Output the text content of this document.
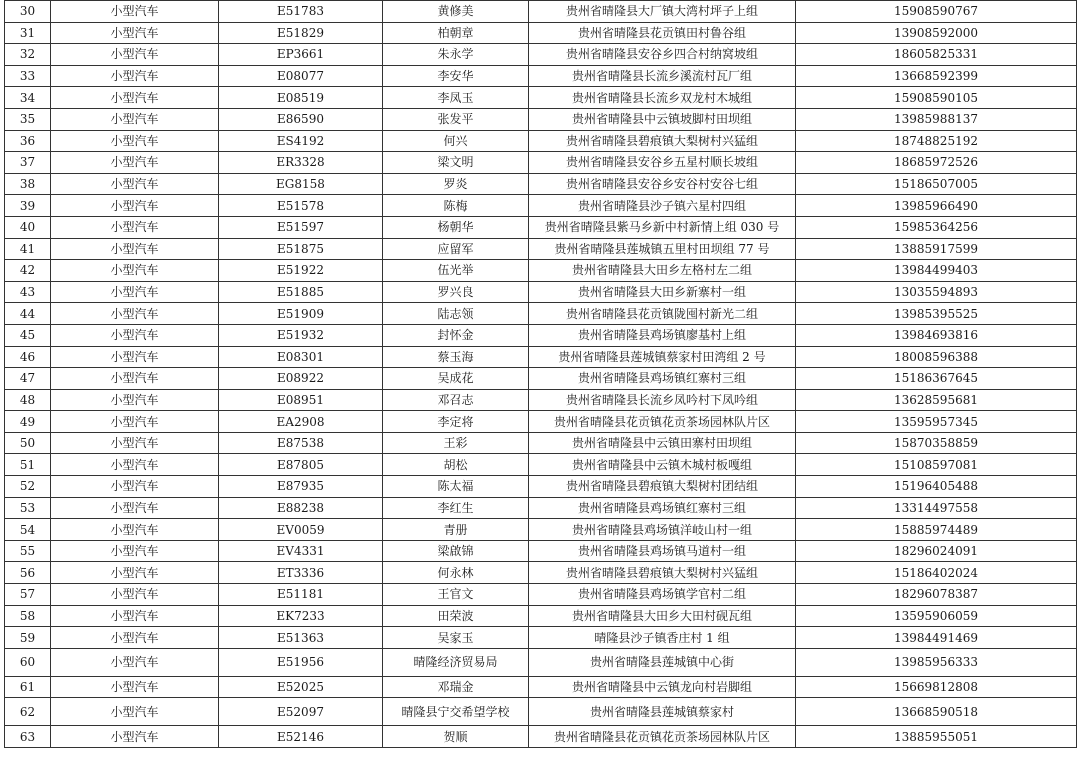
30	小型汽车	E51783	黄修美	贵州省晴隆县大厂镇大湾村坪子上组	15908590767
31	小型汽车	E51829	柏朝章	贵州省晴隆县花贡镇田村鲁谷组	13908592000
32	小型汽车	EP3661	朱永学	贵州省晴隆县安谷乡四合村纳窝坡组	18605825331
33	小型汽车	E08077	李安华	贵州省晴隆县长流乡溪流村瓦厂组	13668592399
34	小型汽车	E08519	李凤玉	贵州省晴隆县长流乡双龙村木城组	15908590105
35	小型汽车	E86590	张发平	贵州省晴隆县中云镇坡脚村田坝组	13985988137
36	小型汽车	ES4192	何兴	贵州省晴隆县碧痕镇大梨树村兴猛组	18748825192
37	小型汽车	ER3328	梁文明	贵州省晴隆县安谷乡五星村顺长坡组	18685972526
38	小型汽车	EG8158	罗炎	贵州省晴隆县安谷乡安谷村安谷七组	15186507005
39	小型汽车	E51578	陈梅	贵州省晴隆县沙子镇六星村四组	13985966490
40	小型汽车	E51597	杨朝华	贵州省晴隆县紫马乡新中村新情上组 030 号	15985364256
41	小型汽车	E51875	应留军	贵州省晴隆县莲城镇五里村田坝组 77 号	13885917599
42	小型汽车	E51922	伍光举	贵州省晴隆县大田乡左格村左二组	13984499403
43	小型汽车	E51885	罗兴良	贵州省晴隆县大田乡新寨村一组	13035594893
44	小型汽车	E51909	陆志领	贵州省晴隆县花贡镇陇囤村新光二组	13985395525
45	小型汽车	E51932	封怀金	贵州省晴隆县鸡场镇廖基村上组	13984693816
46	小型汽车	E08301	蔡玉海	贵州省晴隆县莲城镇蔡家村田湾组 2 号	18008596388
47	小型汽车	E08922	吴成花	贵州省晴隆县鸡场镇红寨村三组	15186367645
48	小型汽车	E08951	邓召志	贵州省晴隆县长流乡凤吟村下凤吟组	13628595681
49	小型汽车	EA2908	李定将	贵州省晴隆县花贡镇花贡茶场园林队片区	13595957345
50	小型汽车	E87538	王彩	贵州省晴隆县中云镇田寨村田坝组	15870358859
51	小型汽车	E87805	胡松	贵州省晴隆县中云镇木城村板嘎组	15108597081
52	小型汽车	E87935	陈太福	贵州省晴隆县碧痕镇大梨树村团结组	15196405488
53	小型汽车	E88238	李红生	贵州省晴隆县鸡场镇红寨村三组	13314497558
54	小型汽车	EV0059	青册	贵州省晴隆县鸡场镇洋岐山村一组	15885974489
55	小型汽车	EV4331	梁啟锦	贵州省晴隆县鸡场镇马道村一组	18296024091
56	小型汽车	ET3336	何永林	贵州省晴隆县碧痕镇大梨树村兴猛组	15186402024
57	小型汽车	E51181	王官文	贵州省晴隆县鸡场镇学官村二组	18296078387
58	小型汽车	EK7233	田荣波	贵州省晴隆县大田乡大田村砚瓦组	13595906059
59	小型汽车	E51363	吴家玉	晴隆县沙子镇香庄村 1 组	13984491469
60	小型汽车	E51956	晴隆经济贸易局	贵州省晴隆县莲城镇中心街	13985956333
61	小型汽车	E52025	邓瑞金	贵州省晴隆县中云镇龙向村岩脚组	15669812808
62	小型汽车	E52097	晴隆县宁交希望学校	贵州省晴隆县莲城镇蔡家村	13668590518
63	小型汽车	E52146	贺顺	贵州省晴隆县花贡镇花贡茶场园林队片区	13885955051
